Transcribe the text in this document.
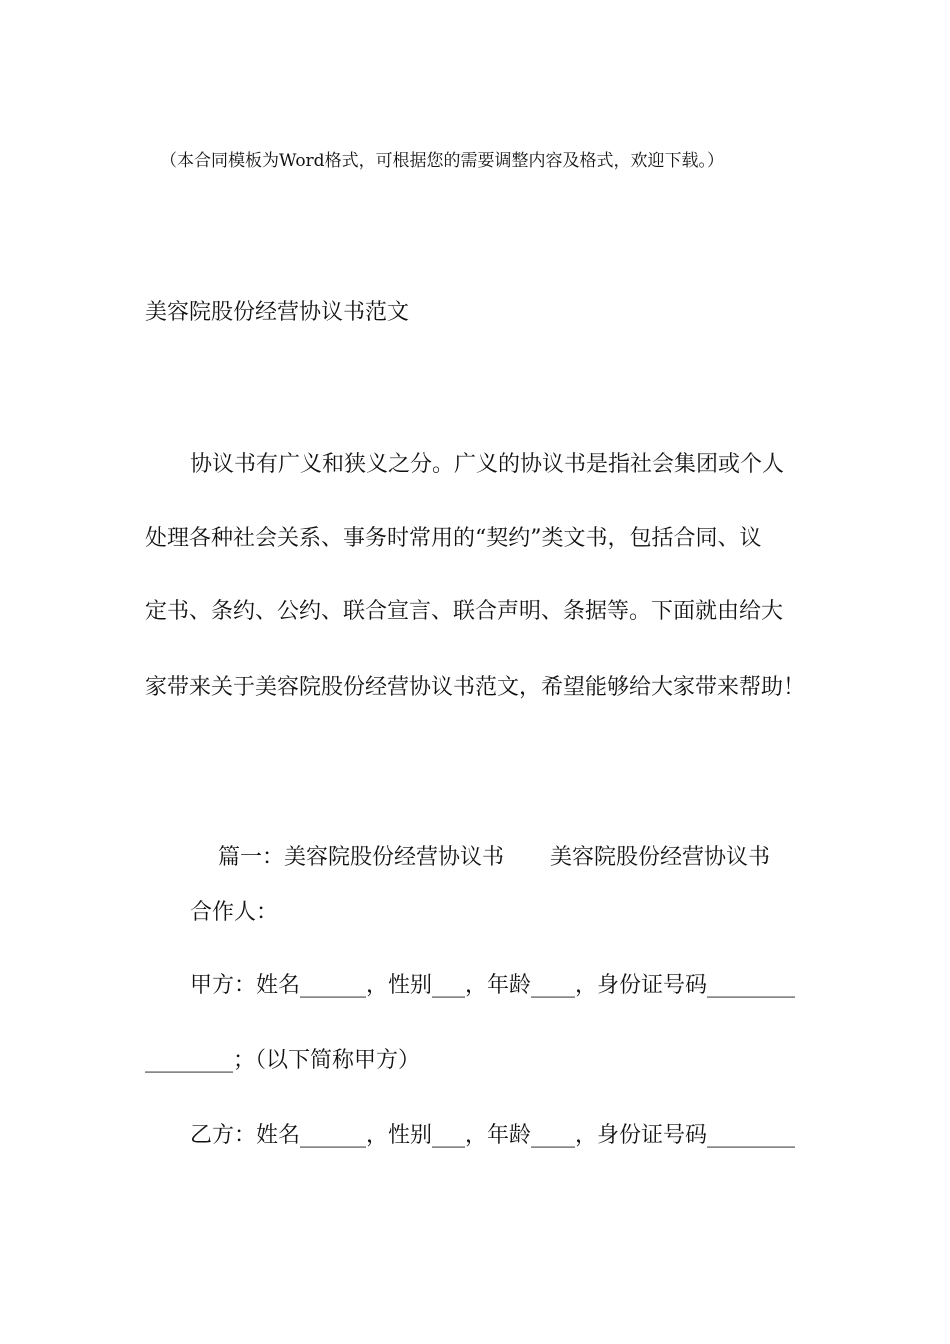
（本合同模板为Word格式，可根据您的需要调整内容及格式，欢迎下载。）
美容院股份经营协议书范文
协议书有广义和狭义之分。广义的协议书是指社会集团或个人
处理各种社会关系、事务时常用的“契约”类文书，包括合同、议
定书、条约、公约、联合宣言、联合声明、条据等。下面就由给大
家带来关于美容院股份经营协议书范文，希望能够给大家带来帮助！

篇一：美容院股份经营协议书 美容院股份经营协议书

合作人：
甲方：姓名______，性别___，年龄____，身份证号码________
________；（以下简称甲方）
乙方：姓名______，性别___，年龄____，身份证号码________
